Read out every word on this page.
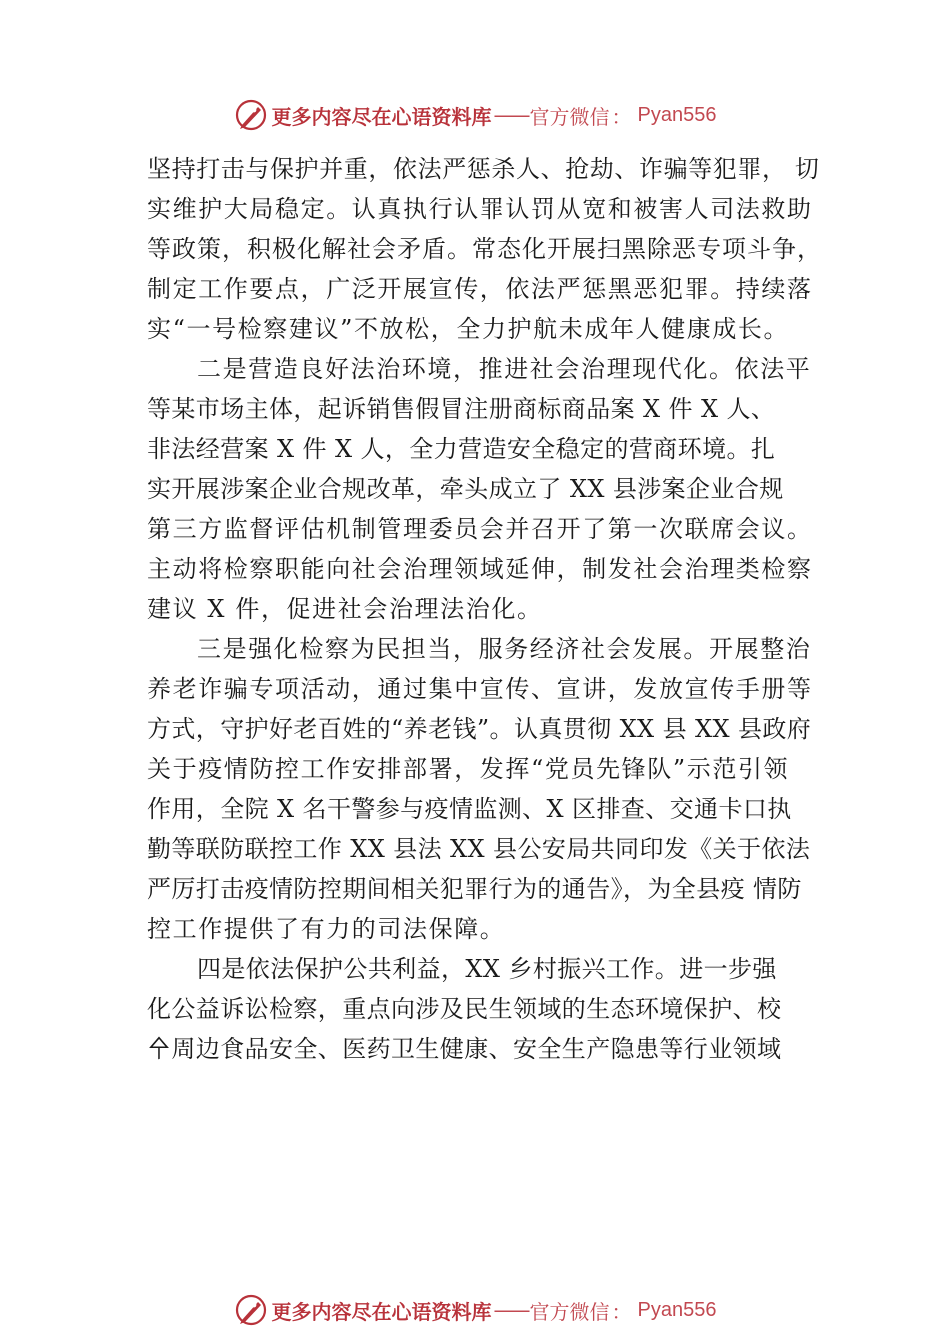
更多内容尽在心语资料库 —— 官方微信 ： Pyan556
坚持打击与保护并重，依法严惩杀人、抢劫、诈骗等犯罪， 切
实维护大局稳定。认真执行认罪认罚从宽和被害人司法救助
等政策，积极化解社会矛盾。常态化开展扫黑除恶专项斗争，
制定工作要点，广泛开展宣传，依法严惩黑恶犯罪。持续落
实“一号检察建议”不放松，全力护航未成年人健康成长。
二是营造良好法治环境，推进社会治理现代化。依法平
等某市场主体，起诉销售假冒注册商标商品案 X 件 X 人、
非法经营案 X 件 X 人，全力营造安全稳定的营商环境。扎
实开展涉案企业合规改革，牵头成立了 XX 县涉案企业合规
第三方监督评估机制管理委员会并召开了第一次联席会议。
主动将检察职能向社会治理领域延伸，制发社会治理类检察
建议 X 件，促进社会治理法治化。
三是强化检察为民担当，服务经济社会发展。开展整治
养老诈骗专项活动，通过集中宣传、宣讲，发放宣传手册等
方式，守护好老百姓的“养老钱”。认真贯彻 XX 县 XX 县政府
关于疫情防控工作安排部署，发挥“党员先锋队”示范引领
作用，全院 X 名干警参与疫情监测、X 区排查、交通卡口执
勤等联防联控工作 XX 县法 XX 县公安局共同印发《关于依法
严厉打击疫情防控期间相关犯罪行为的通告》，为全县疫 情防
控工作提供了有力的司法保障。
四是依法保护公共利益，XX 乡村振兴工作。进一步强
化公益诉讼检察，重点向涉及民生领域的生态环境保护、校
㐃周边食品安全、医药卫生健康、安全生产隐患等行业领域
更多内容尽在心语资料库 —— 官方微信 ： Pyan556
